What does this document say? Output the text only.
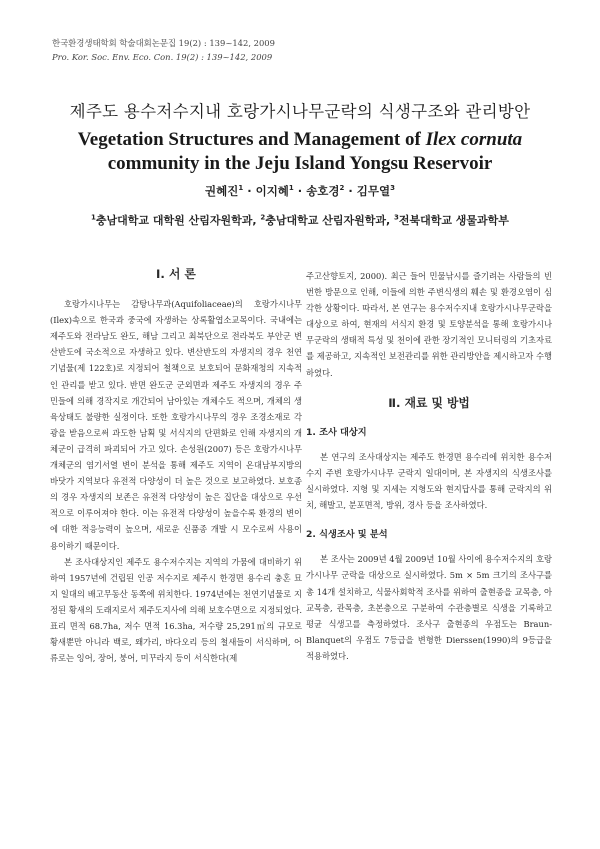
한국환경생태학회 학술대회논문집 19(2) : 139~142, 2009
Pro. Kor. Soc. Env. Eco. Con. 19(2) : 139~142, 2009
제주도 용수저수지내 호랑가시나무군락의 식생구조와 관리방안
Vegetation Structures and Management of Ilex cornuta
community in the Jeju Island Yongsu Reservoir
권혜진$^1$ · 이지혜$^1$ · 송호경$^2$ · 김무열$^3$
$^1$충남대학교 대학원 산림자원학과, $^2$충남대학교 산림자원학과, $^3$전북대학교 생물과학부
Ⅰ. 서 론

호랑가시나무는 감탕나무과(Aquifoliaceae)의 호랑가시나무(Ilex)속으로 한국과 중국에 자생하는 상록활엽소교목이다. 국내에는 제주도와 전라남도 완도, 해남 그리고 최북단으로 전라북도 부안군 변산반도에 국소적으로 자생하고 있다. 변산반도의 자생지의 경우 천연기념물(제 122호)로 지정되어 철책으로 보호되어 문화재청의 지속적인 관리를 받고 있다. 반면 완도군 군외면과 제주도 자생지의 경우 주민들에 의해 경작지로 개간되어 남아있는 개체수도 적으며, 개체의 생육상태도 불량한 실정이다. 또한 호랑가시나무의 경우 조경소재로 각광을 받음으로써 과도한 남획 및 서식지의 단편화로 인해 자생지의 개체군이 급격히 파괴되어 가고 있다. 손성원(2007) 등은 호랑가시나무 개체군의 염기서열 변이 분석을 통해 제주도 지역이 온대남부지방의 바닷가 지역보다 유전적 다양성이 더 높은 것으로 보고하였다. 보호종의 경우 자생지의 보존은 유전적 다양성이 높은 집단을 대상으로 우선적으로 이루어져야 한다. 이는 유전적 다양성이 높을수록 환경의 변이에 대한 적응능력이 높으며, 새로운 신품종 개발 시 모수로써 사용이 용이하기 때문이다.

본 조사대상지인 제주도 용수저수지는 지역의 가뭄에 대비하기 위하여 1957년에 건립된 인공 저수지로 제주시 한경면 용수리 충혼 묘지 일대의 배고무동산 동쪽에 위치한다. 1974년에는 천연기념물로 지정된 황새의 도래지로서 제주도지사에 의해 보호수면으로 지정되었다. 표리 면적 68.7ha, 저수 면적 16.3ha, 저수량 25,291㎥의 규모로 황새뿐만 아니라 백로, 왜가리, 바다오리 등의 철새들이 서식하며, 어류로는 잉어, 장어, 붕어, 미꾸라지 등이 서식한다(제

주고산향토지, 2000). 최근 들어 민물낚시를 즐기려는 사람들의 빈번한 방문으로 인해, 이들에 의한 주변식생의 훼손 및 환경오염이 심각한 상황이다. 따라서, 본 연구는 용수저수지내 호랑가시나무군락을 대상으로 하여, 현재의 서식지 환경 및 토양분석을 통해 호랑가시나무군락의 생태적 특성 및 천이에 관한 장기적인 모니터링의 기초자료를 제공하고, 지속적인 보전관리를 위한 관리방안을 제시하고자 수행하였다.

Ⅱ. 재료 및 방법
1. 조사 대상지

본 연구의 조사대상지는 제주도 한경면 용수리에 위치한 용수저수지 주변 호랑가시나무 군락지 일대이며, 본 자생지의 식생조사를 실시하였다. 지형 및 지세는 지형도와 현지답사를 통해 군락지의 위치, 해발고, 분포면적, 방위, 경사 등을 조사하였다.

2. 식생조사 및 분석

본 조사는 2009년 4월 2009년 10월 사이에 용수저수지의 호랑가시나무 군락을 대상으로 실시하였다. 5m × 5m 크기의 조사구를 총 14개 설치하고, 식물사회학적 조사를 위하여 출현종을 교목층, 아교목층, 관목층, 초본층으로 구분하여 수관층별로 식생을 기록하고 평균 식생고를 측정하였다. 조사구 출현종의 우점도는 Braun-Blanquet의 우점도 7등급을 변형한 Dierssen(1990)의 9등급을 적용하였다.
